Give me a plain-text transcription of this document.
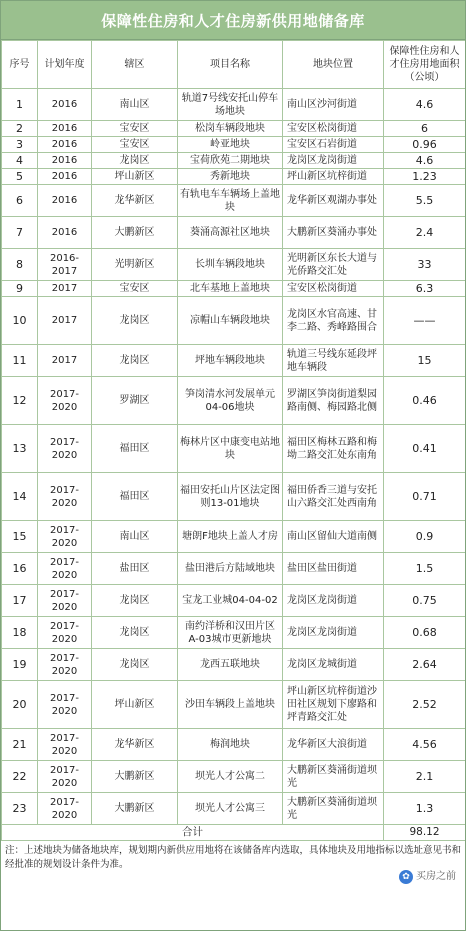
保障性住房和人才住房新供用地储备库
序号	计划年度	辖区	项目名称	地块位置	保障性住房和人才住房用地面积（公顷）
1	2016	南山区	轨道7号线安托山停车场地块	南山区沙河街道	4.6
2	2016	宝安区	松岗车辆段地块	宝安区松岗街道	6
3	2016	宝安区	岭亚地块	宝安区石岩街道	0.96
4	2016	龙岗区	宝荷欣苑二期地块	龙岗区龙岗街道	4.6
5	2016	坪山新区	秀新地块	坪山新区坑梓街道	1.23
6	2016	龙华新区	有轨电车车辆场上盖地块	龙华新区观湖办事处	5.5
7	2016	大鹏新区	葵涌高源社区地块	大鹏新区葵涌办事处	2.4
8	2016-2017	光明新区	长圳车辆段地块	光明新区东长大道与光侨路交汇处	33
9	2017	宝安区	北车基地上盖地块	宝安区松岗街道	6.3
10	2017	龙岗区	凉帽山车辆段地块	龙岗区水官高速、甘李二路、秀峰路围合	——
11	2017	龙岗区	坪地车辆段地块	轨道三号线东延段坪地车辆段	15
12	2017-2020	罗湖区	笋岗清水河发展单元04-06地块	罗湖区笋岗街道梨园路南侧、梅园路北侧	0.46
13	2017-2020	福田区	梅林片区中康变电站地块	福田区梅林五路和梅坳二路交汇处东南角	0.41
14	2017-2020	福田区	福田安托山片区法定图则13-01地块	福田侨香三道与安托山六路交汇处西南角	0.71
15	2017-2020	南山区	塘朗F地块上盖人才房	南山区留仙大道南侧	0.9
16	2017-2020	盐田区	盐田港后方陆域地块	盐田区盐田街道	1.5
17	2017-2020	龙岗区	宝龙工业城04-04-02	龙岗区龙岗街道	0.75
18	2017-2020	龙岗区	南约洋桥和汉田片区A-03城市更新地块	龙岗区龙岗街道	0.68
19	2017-2020	龙岗区	龙西五联地块	龙岗区龙城街道	2.64
20	2017-2020	坪山新区	沙田车辆段上盖地块	坪山新区坑梓街道沙田社区规划下廖路和坪青路交汇处	2.52
21	2017-2020	龙华新区	梅润地块	龙华新区大浪街道	4.56
22	2017-2020	大鹏新区	坝光人才公寓二	大鹏新区葵涌街道坝光	2.1
23	2017-2020	大鹏新区	坝光人才公寓三	大鹏新区葵涌街道坝光	1.3
合计					98.12
注：上述地块为储备地块库，规划期内新供应用地将在该储备库内选取，具体地块及用地指标以选址意见书和经批准的规划设计条件为准。
✿ 买房之前
